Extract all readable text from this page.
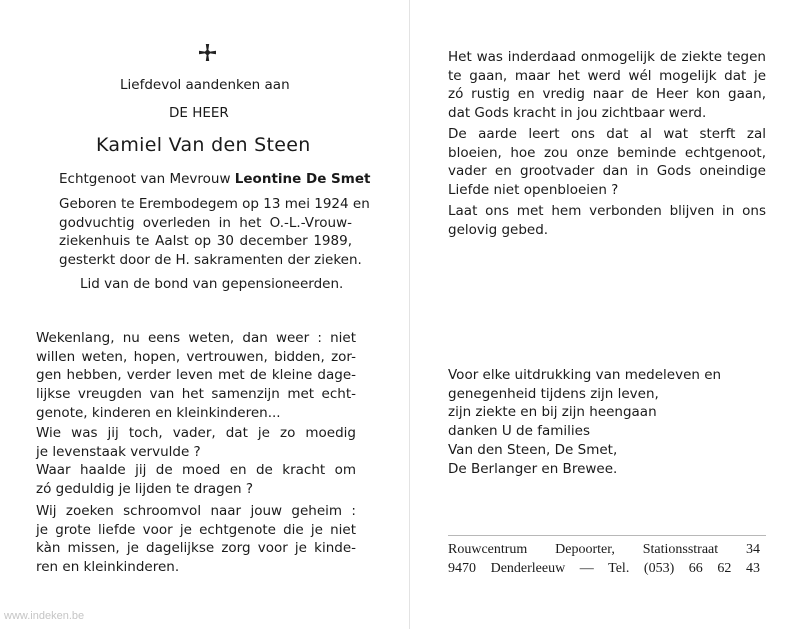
Liefdevol aandenken aan
DE HEER
Kamiel Van den Steen
Echtgenoot van Mevrouw Leontine De Smet
Geboren te Erembodegem op 13 mei 1924 en
godvuchtig overleden in het O.-L.-Vrouw-
ziekenhuis te Aalst op 30 december 1989,
gesterkt door de H. sakramenten der zieken.
Lid van de bond van gepensioneerden.
Wekenlang, nu eens weten, dan weer : niet
willen weten, hopen, vertrouwen, bidden, zor-
gen hebben, verder leven met de kleine dage-
lijkse vreugden van het samenzijn met echt-
genote, kinderen en kleinkinderen...
Wie was jij toch, vader, dat je zo moedig
je levenstaak vervulde ?
Waar haalde jij de moed en de kracht om
zó geduldig je lijden te dragen ?
Wij zoeken schroomvol naar jouw geheim :
je grote liefde voor je echtgenote die je niet
kàn missen, je dagelijkse zorg voor je kinde-
ren en kleinkinderen.
Het was inderdaad onmogelijk de ziekte tegen
te gaan, maar het werd wél mogelijk dat je
zó rustig en vredig naar de Heer kon gaan,
dat Gods kracht in jou zichtbaar werd.
De aarde leert ons dat al wat sterft zal
bloeien, hoe zou onze beminde echtgenoot,
vader en grootvader dan in Gods oneindige
Liefde niet openbloeien ?
Laat ons met hem verbonden blijven in ons
gelovig gebed.
Voor elke uitdrukking van medeleven en
genegenheid tijdens zijn leven,
zijn ziekte en bij zijn heengaan
danken U de families
Van den Steen, De Smet,
De Berlanger en Brewee.
Rouwcentrum Depoorter, Stationsstraat 34
9470 Denderleeuw — Tel. (053) 66 62 43
www.indeken.be
